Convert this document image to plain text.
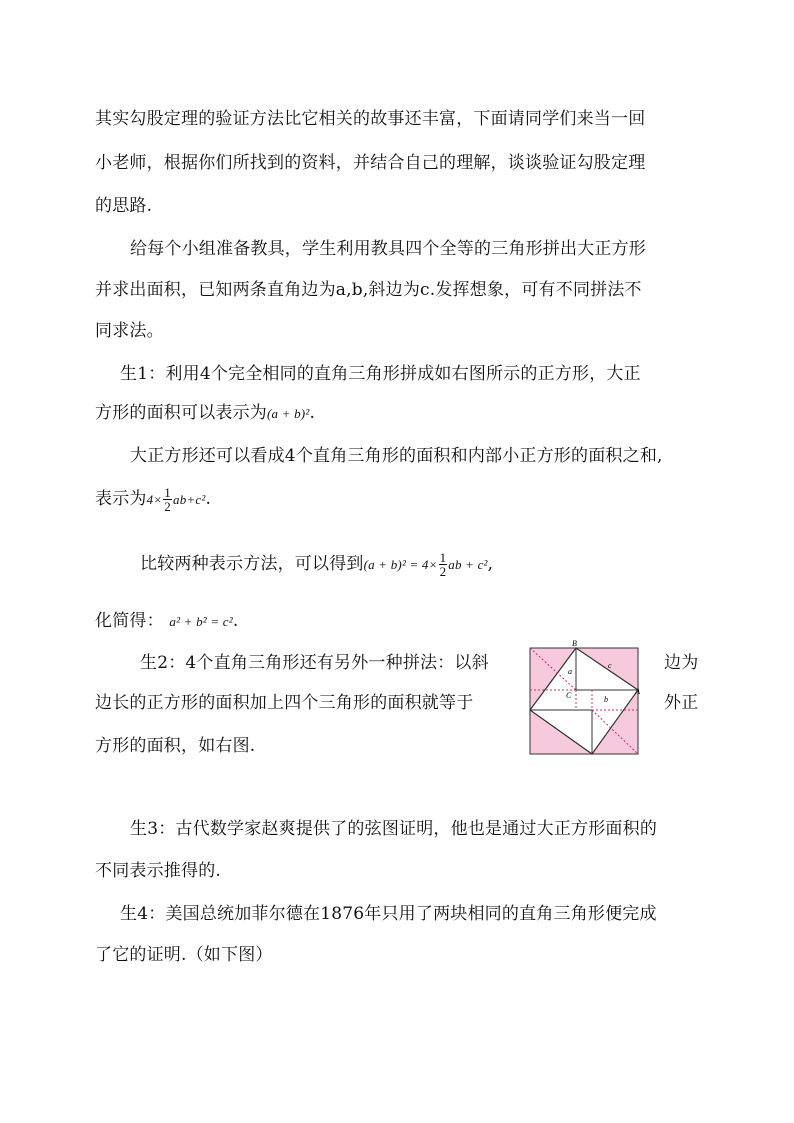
其实勾股定理的验证方法比它相关的故事还丰富，下面请同学们来当一回
小老师，根据你们所找到的资料，并结合自己的理解，谈谈验证勾股定理
的思路.
给每个小组准备教具，学生利用教具四个全等的三角形拼出大正方形
并求出面积，已知两条直角边为a,b,斜边为c.发挥想象，可有不同拼法不
同求法。
生1：利用4个完全相同的直角三角形拼成如右图所示的正方形，大正
方形的面积可以表示为(a + b)².
大正方形还可以看成4个直角三角形的面积和内部小正方形的面积之和,
表示为$4\times \frac{1}{2} ab+c^2$.
比较两种表示方法，可以得到$(a + b)^2 = 4\times \frac{1}{2}$ ab + c²,
化简得： a² + b² = c².
生2：4个直角三角形还有另外一种拼法：以斜	边为
边长的正方形的面积加上四个三角形的面积就等于	外正
方形的面积，如右图.
B
A
C
a
b
c
生3：古代数学家赵爽提供了的弦图证明，他也是通过大正方形面积的
不同表示推得的.
生4：美国总统加菲尔德在1876年只用了两块相同的直角三角形便完成
了它的证明.（如下图）
